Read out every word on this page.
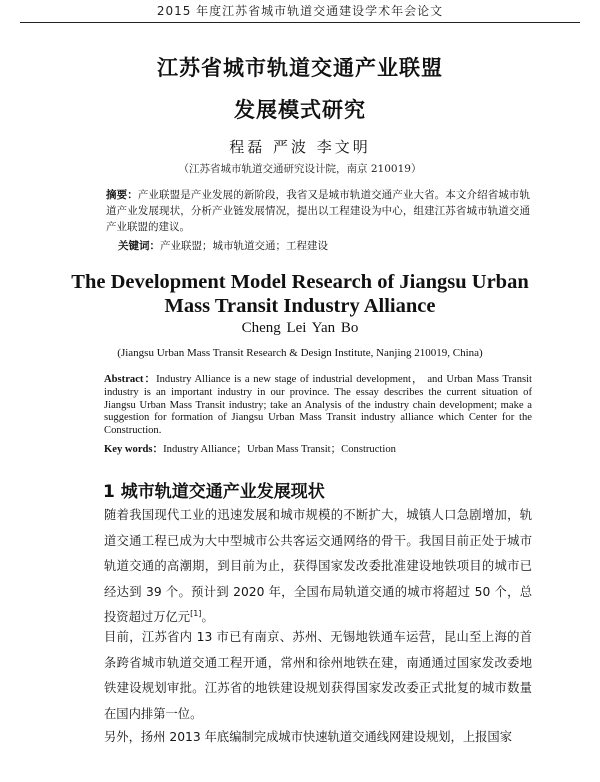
2015 年度江苏省城市轨道交通建设学术年会论文
江苏省城市轨道交通产业联盟
发展模式研究
程磊 严波 李文明
（江苏省城市轨道交通研究设计院，南京 210019）
摘要：产业联盟是产业发展的新阶段，我省又是城市轨道交通产业大省。本文介绍省城市轨道产业发展现状，分析产业链发展情况，提出以工程建设为中心，组建江苏省城市轨道交通产业联盟的建议。
关键词：产业联盟；城市轨道交通；工程建设
The Development Model Research of Jiangsu Urban
Mass Transit Industry Alliance
Cheng Lei Yan Bo
(Jiangsu Urban Mass Transit Research & Design Institute, Nanjing 210019, China)
Abstract：Industry Alliance is a new stage of industrial development， and Urban Mass Transit industry is an important industry in our province. The essay describes the current situation of Jiangsu Urban Mass Transit industry; take an Analysis of the industry chain development; make a suggestion for formation of Jiangsu Urban Mass Transit industry alliance which Center for the Construction.
Key words：Industry Alliance；Urban Mass Transit；Construction
1 城市轨道交通产业发展现状

随着我国现代工业的迅速发展和城市规模的不断扩大，城镇人口急剧增加，轨道交通工程已成为大中型城市公共客运交通网络的骨干。我国目前正处于城市轨道交通的高潮期，到目前为止，获得国家发改委批准建设地铁项目的城市已经达到 39 个。预计到 2020 年，全国布局轨道交通的城市将超过 50 个，总投资超过万亿元[1]。

目前，江苏省内 13 市已有南京、苏州、无锡地铁通车运营，昆山至上海的首条跨省城市轨道交通工程开通，常州和徐州地铁在建，南通通过国家发改委地铁建设规划审批。江苏省的地铁建设规划获得国家发改委正式批复的城市数量在国内排第一位。

另外，扬州 2013 年底编制完成城市快速轨道交通线网建设规划，上报国家
